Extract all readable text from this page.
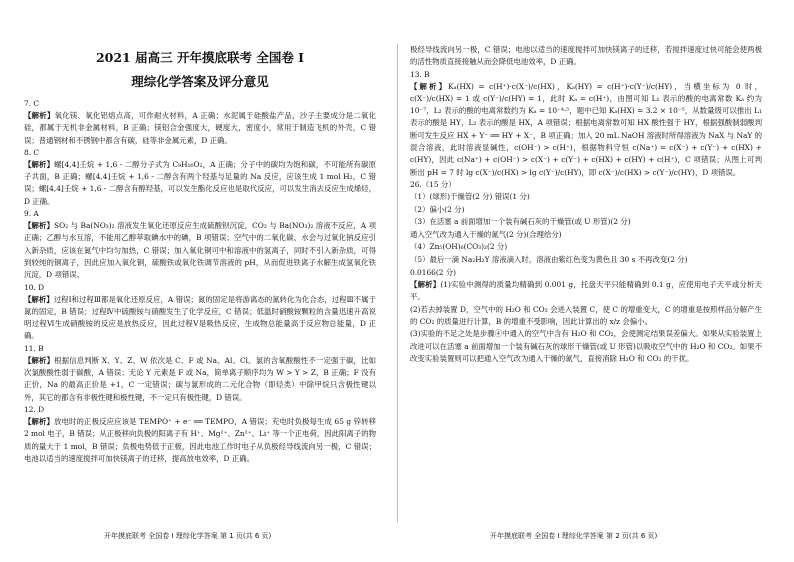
2021 届高三 开年摸底联考 全国卷 I
理综化学答案及评分意见
7. C

【解析】氧化镁、氧化铝熔点高，可作耐火材料，A 正确；水泥属于硅酸盐产品，沙子主要成分是二氧化硅，都属于无机非金属材料，B 正确；镁铝合金强度大，硬度大，密度小，常用于制造飞机的外壳，C 错误；普通钢材和不锈钢中都含有碳，硅等非金属元素，D 正确。

8. C

【解析】螺[4,4]壬烷 + 1,6 - 二醇分子式为 C₉H₁₆O₂，A 正确；分子中的碳均为饱和碳，不可能所有碳原子共面，B 正确；螺[4,4]壬烷 + 1,6 - 二醇含有两个羟基与足量的 Na 反应，应该生成 1 mol H₂，C 错误；螺[4,4]壬烷 + 1,6 - 二醇含有醇羟基，可以发生酯化反应也是取代反应，可以发生消去反应生成烯烃，D 正确。

9. A

【解析】SO₂ 与 Ba(NO₃)₂ 溶液发生氧化还原反应生成硫酸钡沉淀，CO₂ 与 Ba(NO₃)₂ 溶液不反应，A 项正确；乙醇与水互溶，不能用乙醇萃取碘水中的碘，B 项错误；空气中的二氧化碳、水会与过氧化钠反应引入新杂质，应该在氮气中均匀加热，C 错误；加入氧化铜可中和溶液中的氢离子，同时不引入新杂质，可得到较纯的铜离子，因此应加入氧化铜，硫酸铁或氧化铁调节溶液的 pH，从而促进铁离子水解生成氢氧化铁沉淀，D 项错误。

10. D

【解析】过程Ⅰ和过程Ⅲ都是氧化还原反应，A 错误；氮的固定是将游离态的氮转化为化合态，过程Ⅲ不属于氮的固定，B 错误；过程Ⅳ中硫酸铵与硝酸发生了化学反应，C 错误；低温时硝酸铵颗粒的含量迅速升高说明过程Ⅵ生成硝酸铵的反应是放热反应，因此过程Ⅴ是吸热反应，生成物总能量高于反应物总能量，D 正确。

11. B

【解析】根据信息判断 X、Y、Z、W 依次是 C、F 或 Na、Al、Cl。氯的含氧酸酸性不一定强于碳，比如次氯酸酸性弱于碳酸，A 错误；无论 Y 元素是 F 或 Na，简单离子顺序均为 W > Y > Z，B 正确；F 没有正价，Na 的最高正价是 +1，C 一定错误；碳与氯形成的二元化合物（即烃类）中除甲烷只含极性键以外，其它的都含有非极性键和极性键，不一定只有极性键，D 错误。

12. D

【解析】放电时的正极反应应该是 TEMPO⁺ + e⁻ ══ TEMPO，A 错误；充电时负极每生成 65 g 锌转移 2 mol 电子，B 错误；从正极移向负极的阳离子有 H⁺、Mg²⁺、Zn²⁺、Li⁺ 等一个正电荷，因此阳离子的物质的量大于 1 mol，B 错误；负极电势低于正极，因此电池工作时电子从负极经导线流向另一极，C 错误；电池以适当的速度搅拌可加快镁离子的迁移，提高放电效率，D 正确。

极经导线流向另一极，C 错误；电池以适当的速度搅拌可加快镁离子的迁移，若搅拌速度过快可能会使两极的活性物质直接接触从而会降低电池效率，D 正确。

13. B

【解析】Kₐ(HX) = c(H⁺)·c(X⁻)/c(HX)，Kₐ(HY) = c(H⁺)·c(Y⁻)/c(HY)，当横坐标为 0 时，c(X⁻)/c(HX) = 1 或 c(Y⁻)/c(HY) = 1，此时 Kₐ = c(H⁺)，由图可知 L₁ 表示的酸的电离常数 Kₐ 约为 10⁻⁷，L₂ 表示的酸的电离常数约为 Kₐ = 10⁻⁴·⁵，题中已知 Kₐ(HX) = 3.2 × 10⁻⁵，从数量级可以推出 L₁ 表示的酸是 HY，L₂ 表示的酸是 HX，A 项错误；根据电离常数可知 HX 酸性强于 HY，根据强酸制弱酸判断可发生反应 HX + Y⁻ ══ HY + X⁻，B 项正确；加入 20 mL NaOH 溶液时所得溶液为 NaX 与 NaY 的混合溶液，此时溶液显碱性，c(OH⁻) > c(H⁺)，根据物料守恒 c(Na⁺) = c(X⁻) + c(Y⁻) + c(HX) + c(HY)，因此 c(Na⁺) + c(OH⁻) > c(X⁻) + c(Y⁻) + c(HX) + c(HY) + c(H⁺)，C 项错误；从图上可判断出 pH = 7 时 lg c(X⁻)/c(HX) > lg c(Y⁻)/c(HY)，即 c(X⁻)/c(HX) > c(Y⁻)/c(HY)，D 项错误。

26.（15 分）

（1）(球形)干燥管(2 分) 错误(1 分)

（2）偏小(2 分)

（3）在活塞 a 前面增加一个装有碱石灰的干燥管(或 U 形管)(2 分)

通入空气改为通入干燥的氮气(2 分)(合理给分)

（4）Zn₅(OH)₆(CO₃)₂(2 分)

（5）最后一滴 Na₂H₂Y 溶液滴入时，溶液由紫红色变为黄色且 30 s 不再改变(2 分)

0.0166(2 分)

【解析】(1)实验中测得的质量均精确到 0.001 g，托盘天平只能精确到 0.1 g，应使用电子天平或分析天平。

(2)若去掉装置 D，空气中的 H₂O 和 CO₂ 会进入装置 C，使 C 的增重变大，C 的增重是按照样品分解产生的 CO₂ 的质量进行计算，B 的增重不受影响，因此计算出的 x/z 会偏小。

(3)实验的不足之处是步骤④中通入的空气中含有 H₂O 和 CO₂，会使测定结果误差偏大。如果从实验装置上改进可以在活塞 a 前面增加一个装有碱石灰的球形干燥管(或 U 形管)以吸收空气中的 H₂O 和 CO₂。如果不改变实验装置则可以把通入空气改为通入干燥的氮气，直接消除 H₂O 和 CO₂ 的干扰。

开年摸底联考 全国卷 I 理综化学答案 第 1 页(共 6 页)	开年摸底联考 全国卷 I 理综化学答案 第 2 页(共 6 页)
